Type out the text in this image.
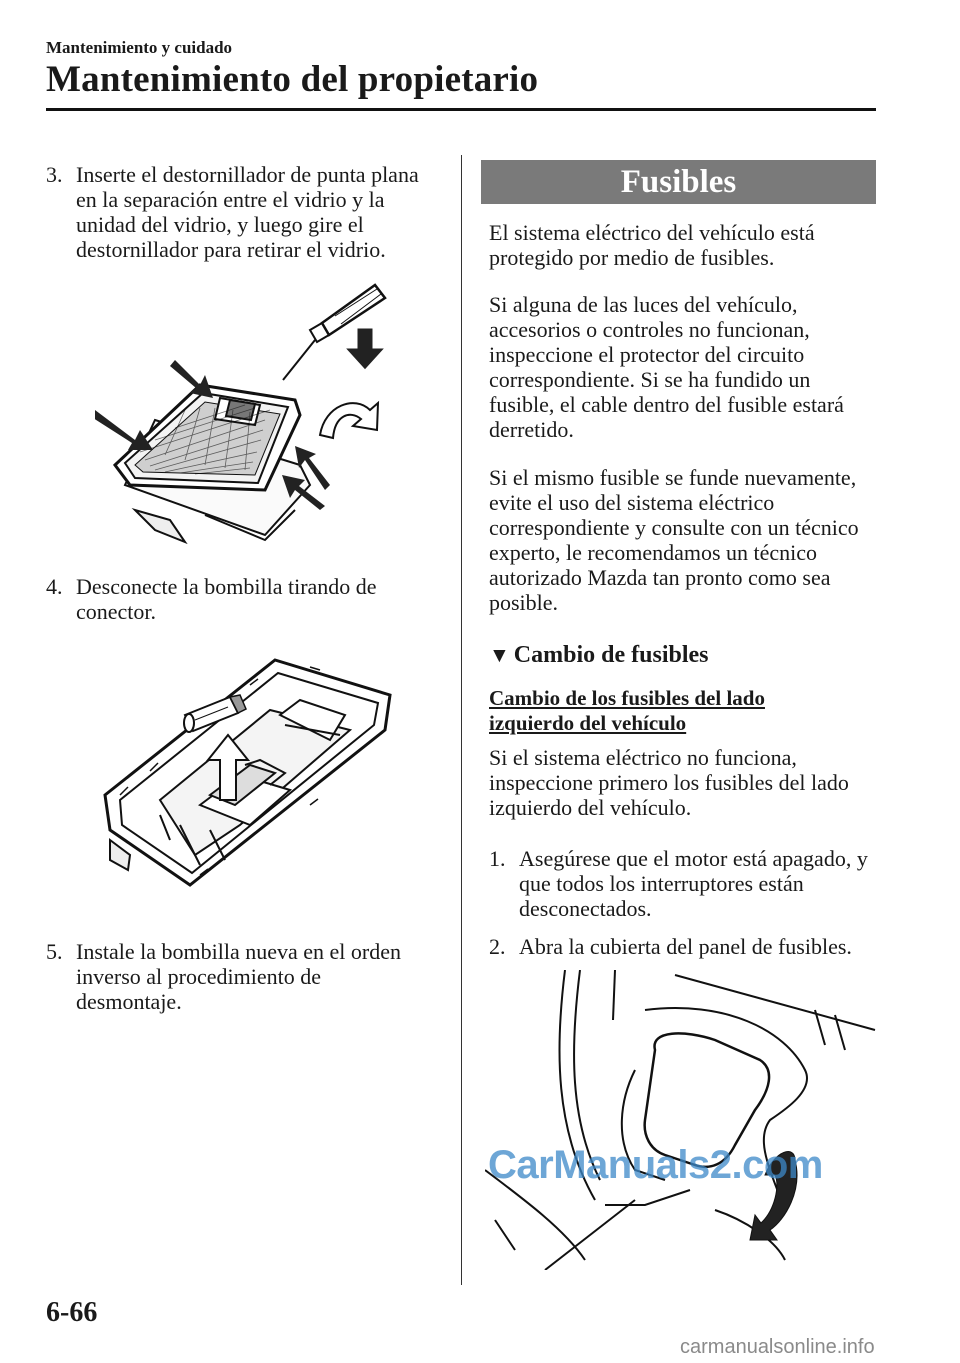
Mantenimiento y cuidado
Mantenimiento del propietario
3. Inserte el destornillador de punta plana
en la separación entre el vidrio y la
unidad del vidrio, y luego gire el
destornillador para retirar el vidrio.
4. Desconecte la bombilla tirando de
conector.
5. Instale la bombilla nueva en el orden
inverso al procedimiento de
desmontaje.
Fusibles
El sistema eléctrico del vehículo está
protegido por medio de fusibles.
Si alguna de las luces del vehículo,
accesorios o controles no funcionan,
inspeccione el protector del circuito
correspondiente. Si se ha fundido un
fusible, el cable dentro del fusible estará
derretido.
Si el mismo fusible se funde nuevamente,
evite el uso del sistema eléctrico
correspondiente y consulte con un técnico
experto, le recomendamos un técnico
autorizado Mazda tan pronto como sea
posible.
▼ Cambio de fusibles
Cambio de los fusibles del lado
izquierdo del vehículo
Si el sistema eléctrico no funciona,
inspeccione primero los fusibles del lado
izquierdo del vehículo.
1. Asegúrese que el motor está apagado, y
que todos los interruptores están
desconectados.
2. Abra la cubierta del panel de fusibles.
CarManuals2.com
6-66
carmanualsonline.info
